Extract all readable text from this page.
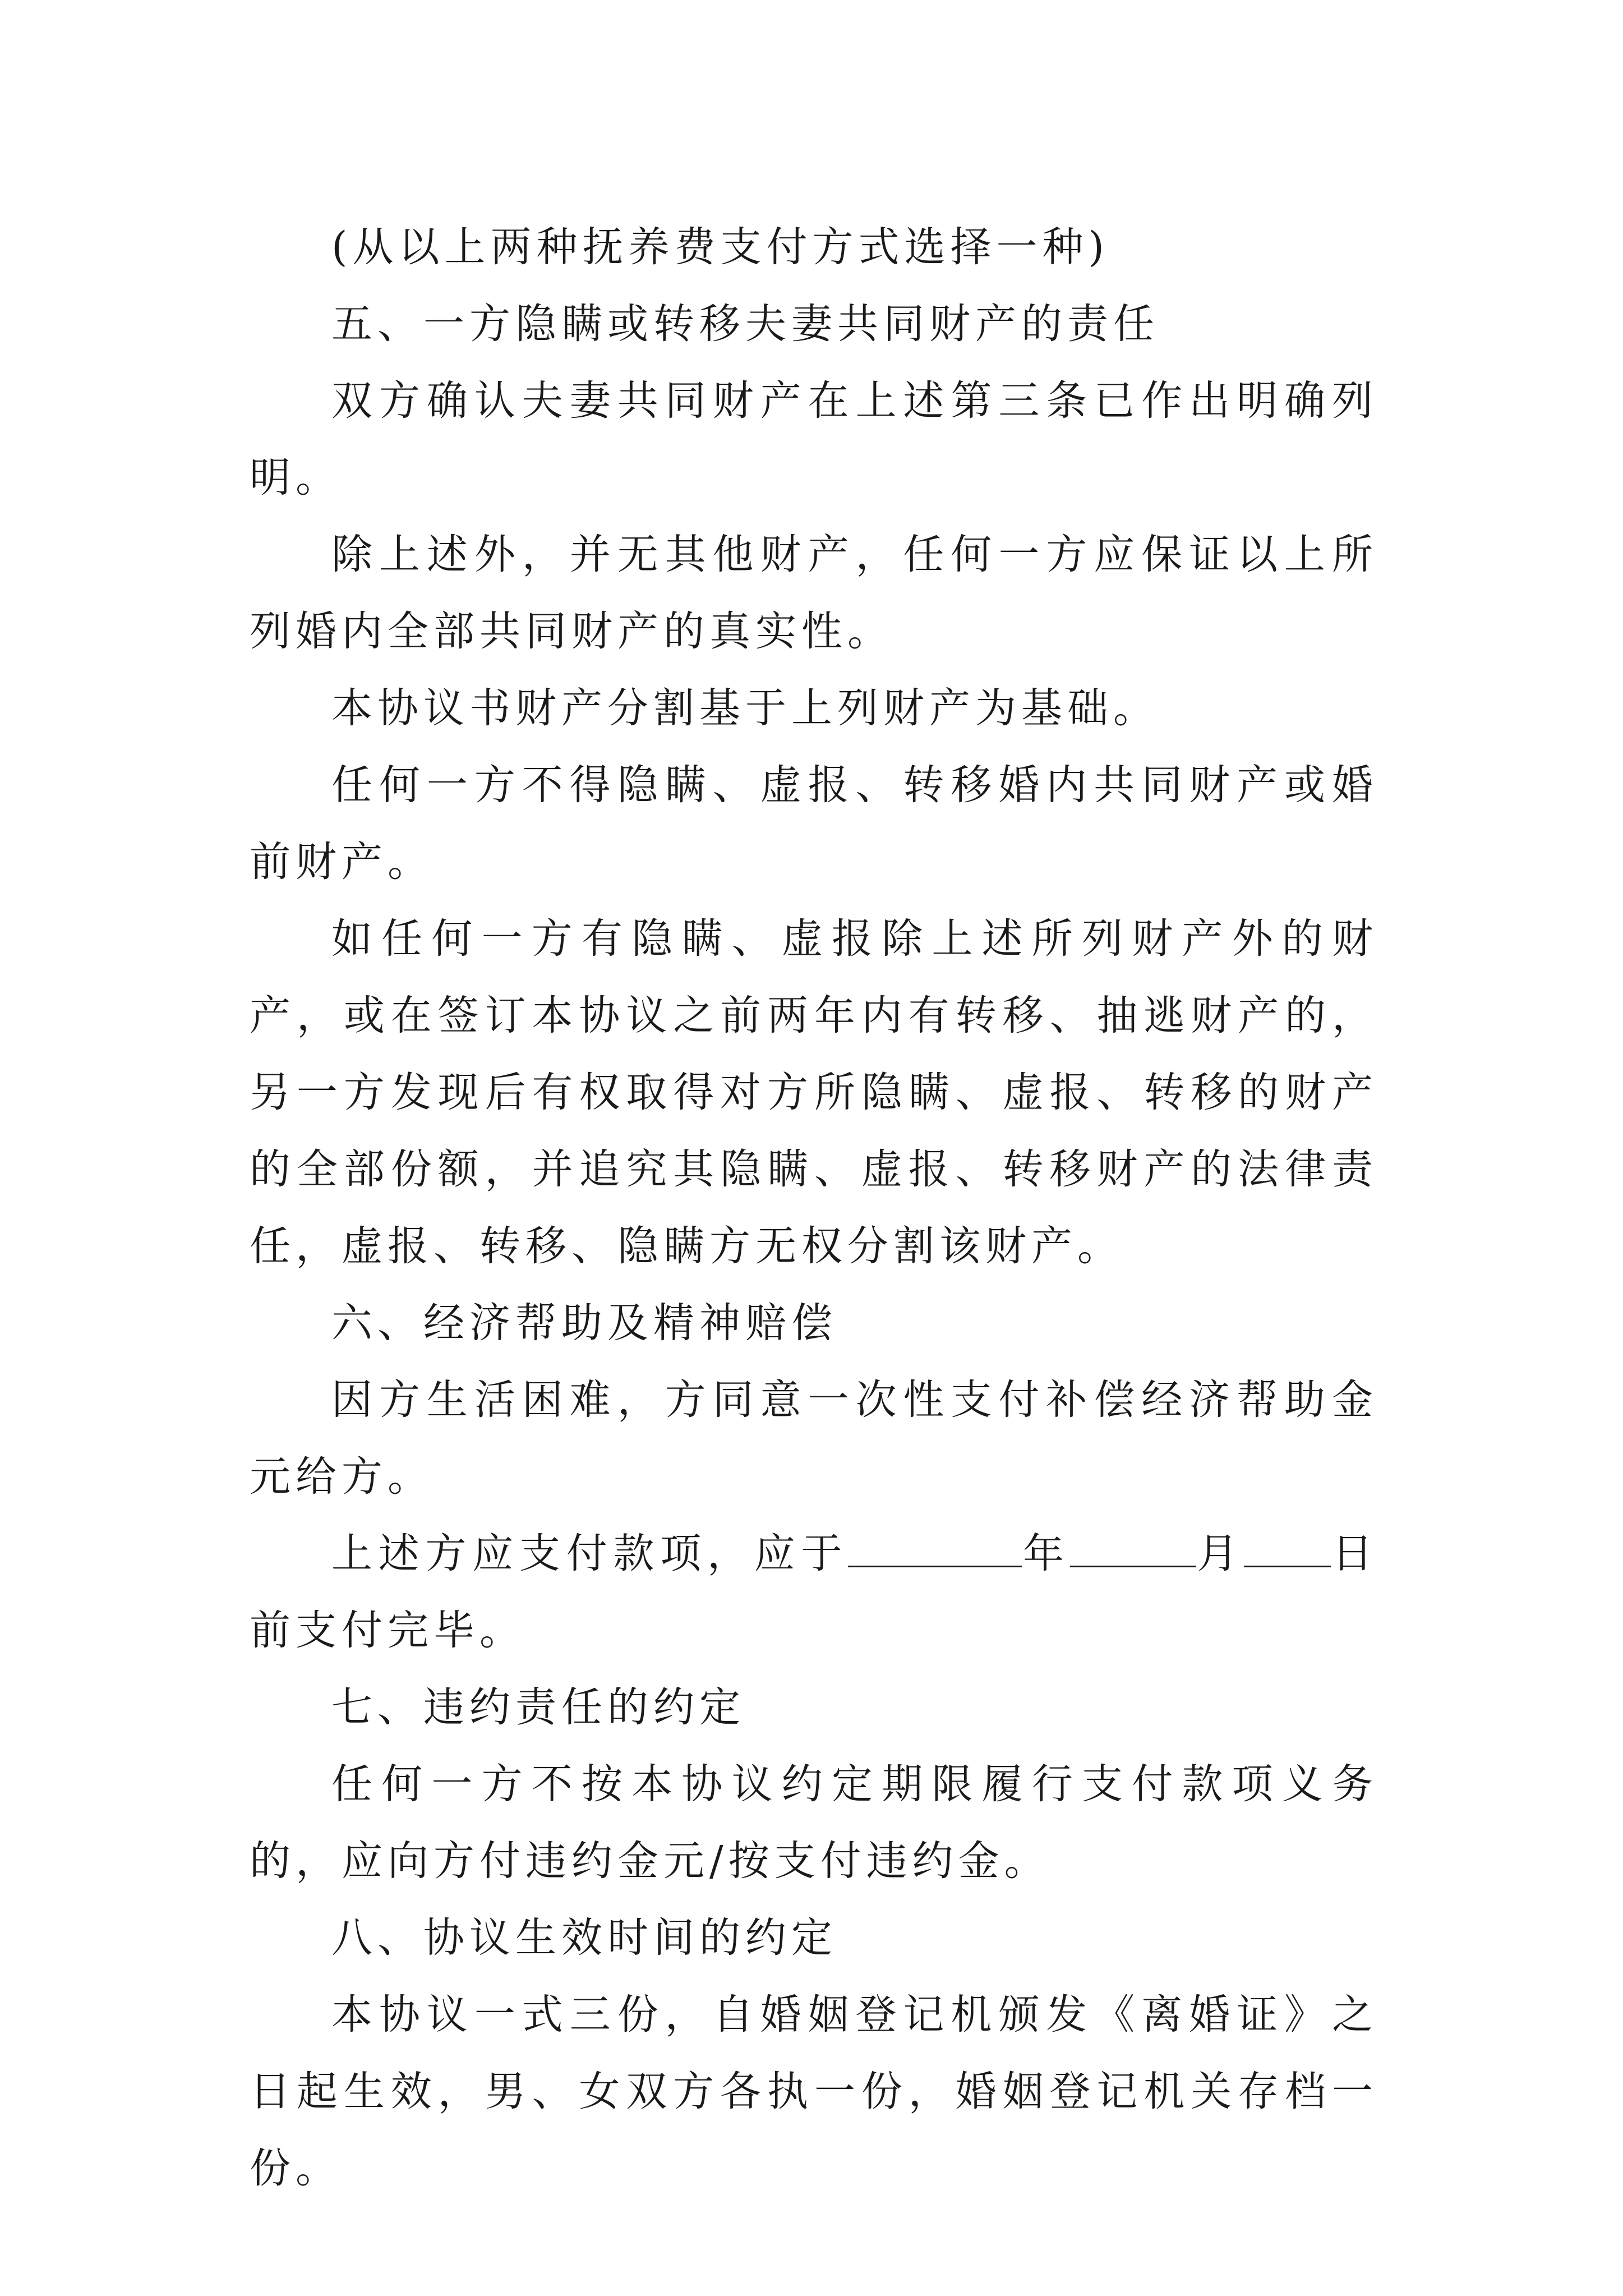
(从以上两种抚养费支付方式选择一种)

五、一方隐瞒或转移夫妻共同财产的责任

双方确认夫妻共同财产在上述第三条已作出明确列明。

除上述外，并无其他财产，任何一方应保证以上所列婚内全部共同财产的真实性。

本协议书财产分割基于上列财产为基础。

任何一方不得隐瞒、虚报、转移婚内共同财产或婚前财产。

如任何一方有隐瞒、虚报除上述所列财产外的财产，或在签订本协议之前两年内有转移、抽逃财产的，另一方发现后有权取得对方所隐瞒、虚报、转移的财产的全部份额，并追究其隐瞒、虚报、转移财产的法律责任，虚报、转移、隐瞒方无权分割该财产。

六、经济帮助及精神赔偿

因方生活困难，方同意一次性支付补偿经济帮助金元给方。

上述方应支付款项，应于	年	月 日前支付完毕。

七、违约责任的约定

任何一方不按本协议约定期限履行支付款项义务的，应向方付违约金元/按支付违约金。

八、协议生效时间的约定

本协议一式三份，自婚姻登记机颁发《离婚证》之日起生效，男、女双方各执一份，婚姻登记机关存档一份。
